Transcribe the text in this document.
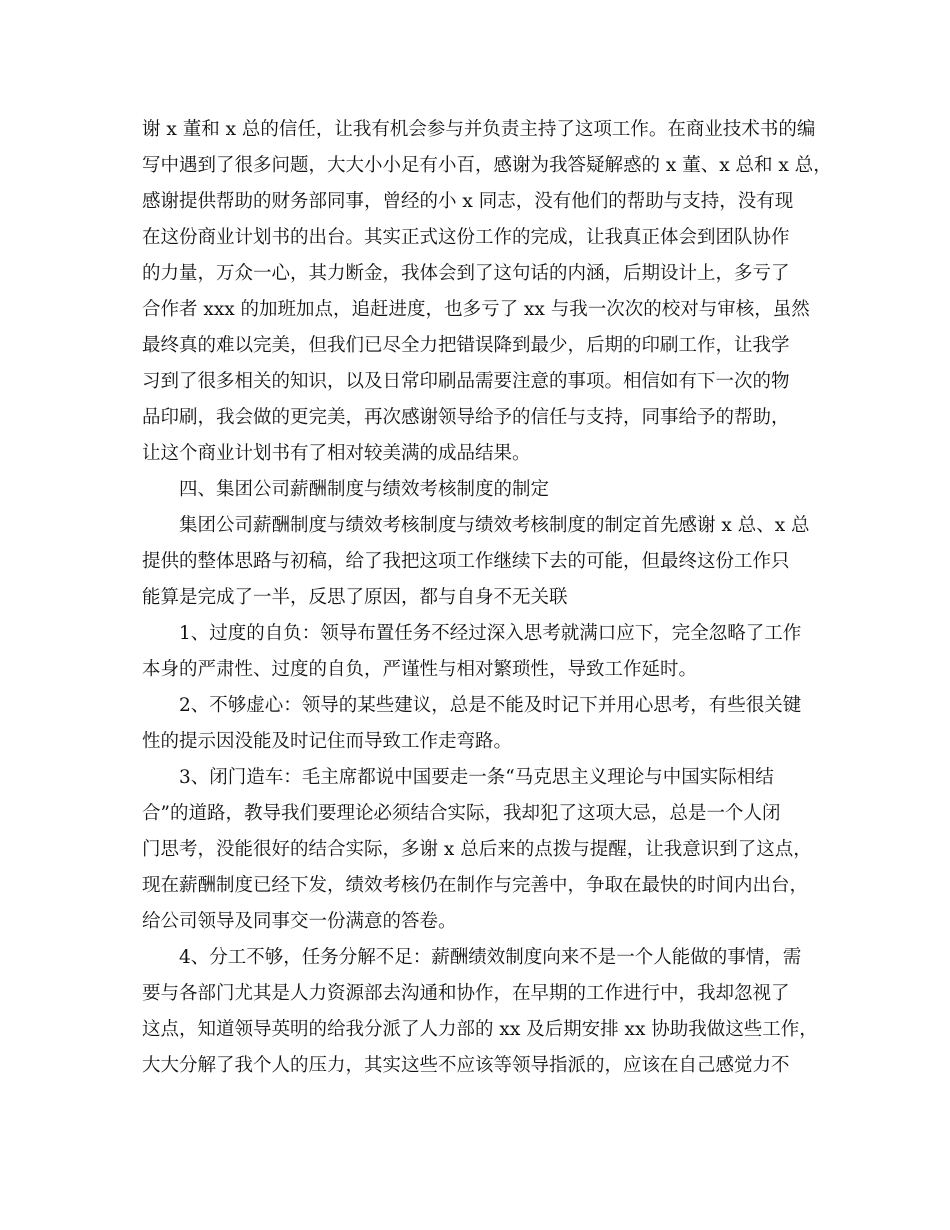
谢 x 董和 x 总的信任，让我有机会参与并负责主持了这项工作。在商业技术书的编
写中遇到了很多问题，大大小小足有小百，感谢为我答疑解惑的 x 董、x 总和 x 总，
感谢提供帮助的财务部同事，曾经的小 x 同志，没有他们的帮助与支持，没有现
在这份商业计划书的出台。其实正式这份工作的完成，让我真正体会到团队协作
的力量，万众一心，其力断金，我体会到了这句话的内涵，后期设计上，多亏了
合作者 xxx 的加班加点，追赶进度，也多亏了 xx 与我一次次的校对与审核，虽然
最终真的难以完美，但我们已尽全力把错误降到最少，后期的印刷工作，让我学
习到了很多相关的知识，以及日常印刷品需要注意的事项。相信如有下一次的物
品印刷，我会做的更完美，再次感谢领导给予的信任与支持，同事给予的帮助，
让这个商业计划书有了相对较美满的成品结果。
四、集团公司薪酬制度与绩效考核制度的制定
集团公司薪酬制度与绩效考核制度与绩效考核制度的制定首先感谢 x 总、x 总
提供的整体思路与初稿，给了我把这项工作继续下去的可能，但最终这份工作只
能算是完成了一半，反思了原因，都与自身不无关联
1、过度的自负：领导布置任务不经过深入思考就满口应下，完全忽略了工作
本身的严肃性、过度的自负，严谨性与相对繁琐性，导致工作延时。
2、不够虚心：领导的某些建议，总是不能及时记下并用心思考，有些很关键
性的提示因没能及时记住而导致工作走弯路。
3、闭门造车：毛主席都说中国要走一条“马克思主义理论与中国实际相结
合”的道路，教导我们要理论必须结合实际，我却犯了这项大忌，总是一个人闭
门思考，没能很好的结合实际，多谢 x 总后来的点拨与提醒，让我意识到了这点，
现在薪酬制度已经下发，绩效考核仍在制作与完善中，争取在最快的时间内出台，
给公司领导及同事交一份满意的答卷。
4、分工不够，任务分解不足：薪酬绩效制度向来不是一个人能做的事情，需
要与各部门尤其是人力资源部去沟通和协作，在早期的工作进行中，我却忽视了
这点，知道领导英明的给我分派了人力部的 xx 及后期安排 xx 协助我做这些工作，
大大分解了我个人的压力，其实这些不应该等领导指派的，应该在自己感觉力不
